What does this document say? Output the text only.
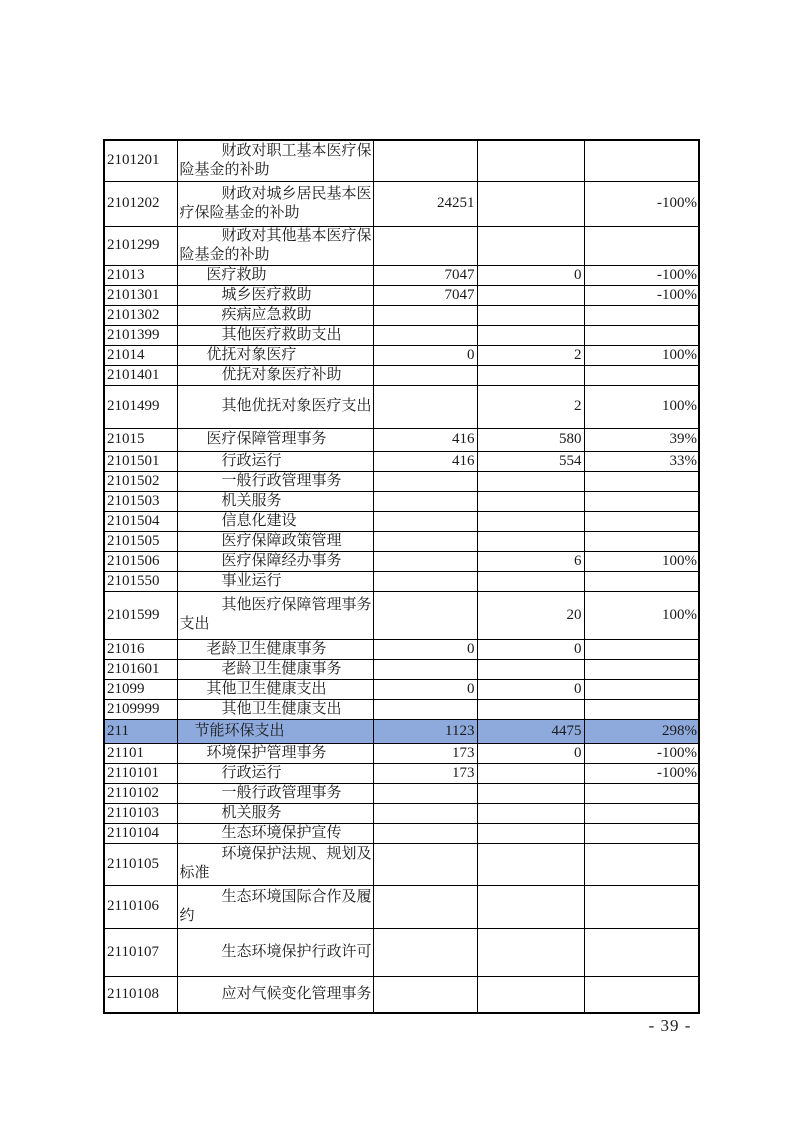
2101201	财政对职工基本医疗保险基金的补助			

2101202	财政对城乡居民基本医疗保险基金的补助	24251		-100%
2101299	财政对其他基本医疗保险基金的补助			

21013	医疗救助	7047	0	-100%
2101301	城乡医疗救助	7047		-100%
2101302	疾病应急救助			

2101399	其他医疗救助支出			

21014	优抚对象医疗	0	2	100%
2101401	优抚对象医疗补助			

2101499	其他优抚对象医疗支出		2	100%
21015	医疗保障管理事务	416	580	39%
2101501	行政运行	416	554	33%
2101502	一般行政管理事务			

2101503	机关服务			

2101504	信息化建设			

2101505	医疗保障政策管理			

2101506	医疗保障经办事务		6	100%
2101550	事业运行			

2101599	其他医疗保障管理事务支出		20	100%
21016	老龄卫生健康事务	0	0	
2101601	老龄卫生健康事务			

21099	其他卫生健康支出	0	0	
2109999	其他卫生健康支出			

211	节能环保支出	1123	4475	298%
21101	环境保护管理事务	173	0	-100%
2110101	行政运行	173		-100%
2110102	一般行政管理事务			

2110103	机关服务			

2110104	生态环境保护宣传			

2110105	环境保护法规、规划及标准			

2110106	生态环境国际合作及履约			

2110107	生态环境保护行政许可			

2110108	应对气候变化管理事务			

- 39 -
